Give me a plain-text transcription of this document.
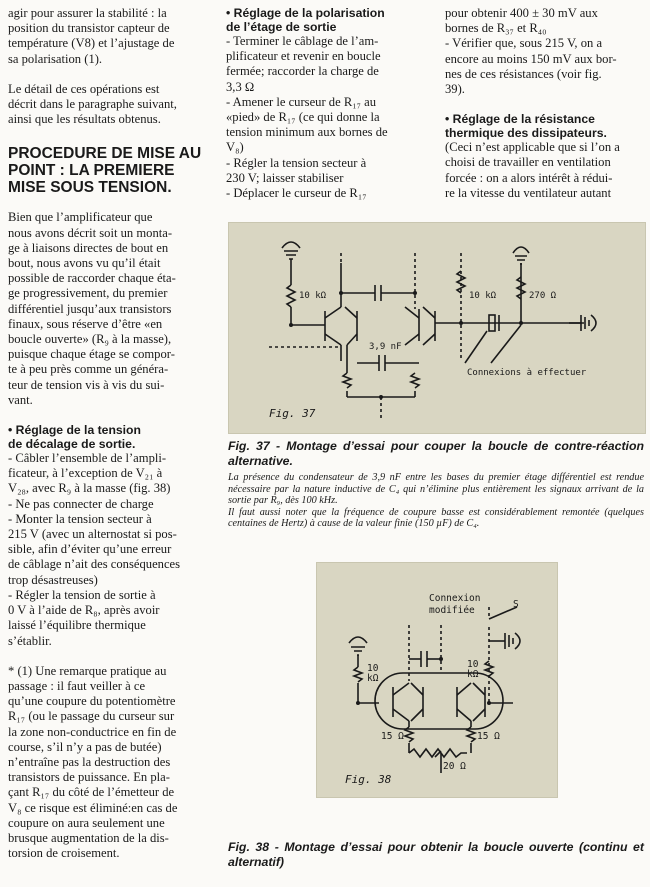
agir pour assurer la stabilité : la

position du transistor capteur de

température (V8) et l’ajustage de

sa polarisation (1).

Le détail de ces opérations est

décrit dans le paragraphe suivant,

ainsi que les résultats obtenus.

PROCEDURE DE MISE AU

POINT : LA PREMIERE

MISE SOUS TENSION.

Bien que l’amplificateur que

nous avons décrit soit un monta-

ge à liaisons directes de bout en

bout, nous avons vu qu’il était

possible de raccorder chaque éta-

ge progressivement, du premier

différentiel jusqu’aux transistors

finaux, sous réserve d’être «en

boucle ouverte» (R₉ à la masse),

puisque chaque étage se compor-

te à peu près comme un généra-

teur de tension vis à vis du sui-

vant.

• Réglage de la tension

de décalage de sortie.

- Câbler l’ensemble de l’ampli-

ficateur, à l’exception de V₂₁ à

V₂₈, avec R₉ à la masse (fig. 38)

- Ne pas connecter de charge

- Monter la tension secteur à

215 V (avec un alternostat si pos-

sible, afin d’éviter qu’une erreur

de câblage n’ait des conséquences

trop désastreuses)

- Régler la tension de sortie à

0 V à l’aide de R₈, après avoir

laissé l’équilibre thermique

s’établir.

* (1) Une remarque pratique au

passage : il faut veiller à ce

qu’une coupure du potentiomètre

R₁₇ (ou le passage du curseur sur

la zone non-conductrice en fin de

course, s’il n’y a pas de butée)

n’entraîne pas la destruction des

transistors de puissance. En pla-

çant R₁₇ du côté de l’émetteur de

V₈ ce risque est éliminé:en cas de

coupure on aura seulement une

brusque augmentation de la dis-

torsion de croisement.

• Réglage de la polarisation

de l’étage de sortie

- Terminer le câblage de l’am-

plificateur et revenir en boucle

fermée; raccorder la charge de

3,3 Ω

- Amener le curseur de R₁₇ au

«pied» de R₁₇ (ce qui donne la

tension minimum aux bornes de

V₈)

- Régler la tension secteur à

230 V; laisser stabiliser

- Déplacer le curseur de R₁₇

pour obtenir 400 ± 30 mV aux

bornes de R₃₇ et R₄₀

- Vérifier que, sous 215 V, on a

encore au moins 150 mV aux bor-

nes de ces résistances (voir fig.

39).

• Réglage de la résistance

thermique des dissipateurs.

(Ceci n’est applicable que si l’on a

choisi de travailler en ventilation

forcée : on a alors intérêt à rédui-

re la vitesse du ventilateur autant

10 kΩ	10 kΩ	270 Ω
3,9 nF
Connexions à effectuer
Fig. 37

Fig. 37 - Montage d’essai pour couper la boucle de contre-réaction alternative.

La présence du condensateur de 3,9 nF entre les bases du premier étage différentiel est rendue nécessaire par la nature inductive de C₄ qui n’élimine plus entièrement les signaux arrivant de la sortie par R₉, dès 100 kHz.

Il faut aussi noter que la fréquence de coupure basse est considérablement remontée (quelques centaines de Hertz) à cause de la valeur finie (150 µF) de C₄.

Connexion
modifiée
S
10
kΩ
10
kΩ
15 Ω	15 Ω
20 Ω
Fig. 38

Fig. 38 - Montage d’essai pour obtenir la boucle ouverte (continu et alternatif)
